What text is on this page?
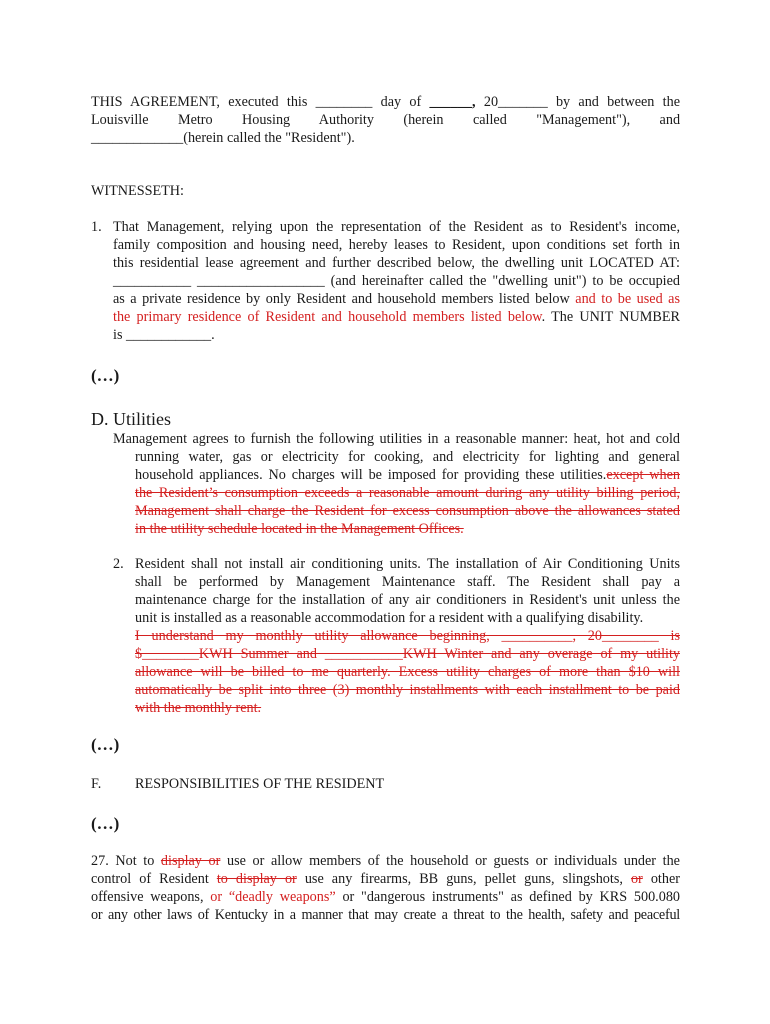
THIS AGREEMENT, executed this ________ day of ______, 20_______ by and between the
Louisville Metro Housing Authority (herein called "Management"), and
_____________(herein called the "Resident").
WITNESSETH:
1. That Management, relying upon the representation of the Resident as to Resident's income,
family composition and housing need, hereby leases to Resident, upon conditions set forth in
this residential lease agreement and further described below, the dwelling unit LOCATED AT:
___________ __________________ (and hereinafter called the "dwelling unit") to be occupied
as a private residence by only Resident and household members listed below and to be used as
the primary residence of Resident and household members listed below. The UNIT NUMBER
is ____________.
(…)
D. Utilities
Management agrees to furnish the following utilities in a reasonable manner: heat, hot and cold
running water, gas or electricity for cooking, and electricity for lighting and general
household appliances. No charges will be imposed for providing these utilities.except when
the Resident’s consumption exceeds a reasonable amount during any utility billing period,
Management shall charge the Resident for excess consumption above the allowances stated
in the utility schedule located in the Management Offices.
2. Resident shall not install air conditioning units. The installation of Air Conditioning Units
shall be performed by Management Maintenance staff. The Resident shall pay a
maintenance charge for the installation of any air conditioners in Resident's unit unless the
unit is installed as a reasonable accommodation for a resident with a qualifying disability.
I understand my monthly utility allowance beginning, __________, 20________ is
$________KWH Summer and ___________KWH Winter and any overage of my utility
allowance will be billed to me quarterly. Excess utility charges of more than $10 will
automatically be split into three (3) monthly installments with each installment to be paid
with the monthly rent.
(…)
F. RESPONSIBILITIES OF THE RESIDENT
(…)
27. Not to display or use or allow members of the household or guests or individuals under the
control of Resident to display or use any firearms, BB guns, pellet guns, slingshots, or other
offensive weapons, or “deadly weapons” or "dangerous instruments" as defined by KRS 500.080
or any other laws of Kentucky in a manner that may create a threat to the health, safety and peaceful
